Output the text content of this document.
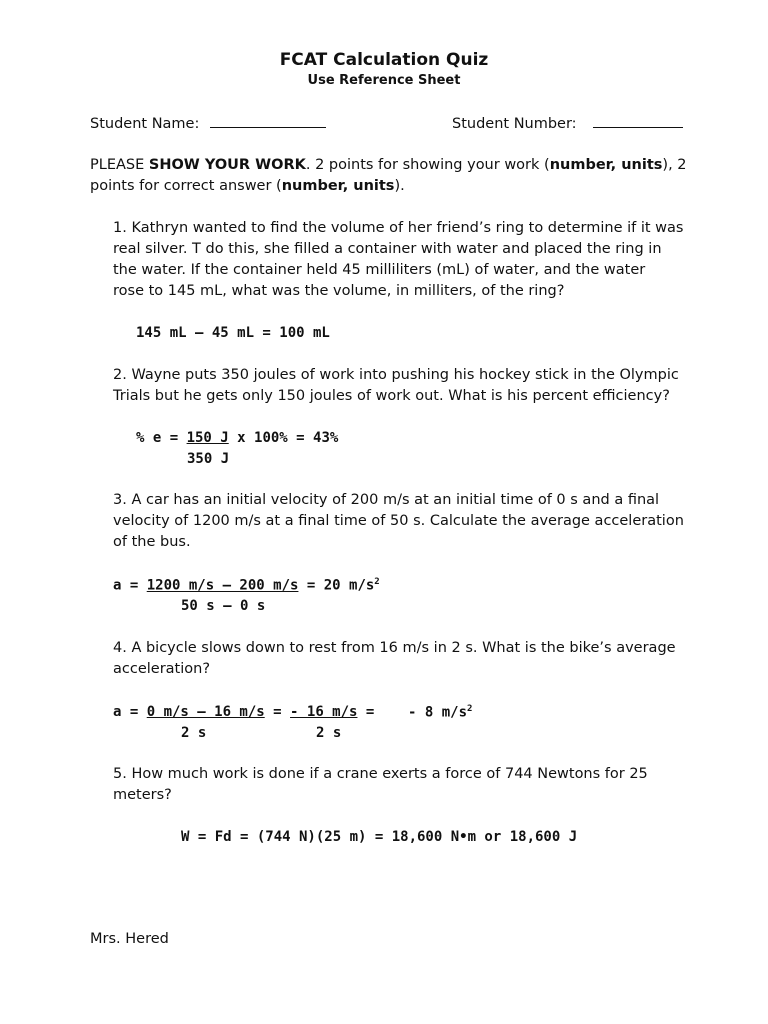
FCAT Calculation Quiz
Use Reference Sheet
Student Name:	Student Number:
PLEASE SHOW YOUR WORK. 2 points for showing your work (number, units), 2
points for correct answer (number, units).
1. Kathryn wanted to find the volume of her friend’s ring to determine if it was
real silver. T do this, she filled a container with water and placed the ring in
the water. If the container held 45 milliliters (mL) of water, and the water
rose to 145 mL, what was the volume, in milliters, of the ring?
145 mL – 45 mL = 100 mL
2. Wayne puts 350 joules of work into pushing his hockey stick in the Olympic
Trials but he gets only 150 joules of work out. What is his percent efficiency?
% e = 150 J x 100% = 43%
350 J
3. A car has an initial velocity of 200 m/s at an initial time of 0 s and a final
velocity of 1200 m/s at a final time of 50 s. Calculate the average acceleration
of the bus.
a = 1200 m/s – 200 m/s = 20 $m/s^2$
50 s – 0 s
4. A bicycle slows down to rest from 16 m/s in 2 s. What is the bike’s average
acceleration?
a = 0 m/s – 16 m/s = - 16 m/s = - 8 $m/s^2$
2 s	2 s
5. How much work is done if a crane exerts a force of 744 Newtons for 25
meters?
W = Fd = (744 N)(25 m) = 18,600 N•m or 18,600 J
Mrs. Hered
